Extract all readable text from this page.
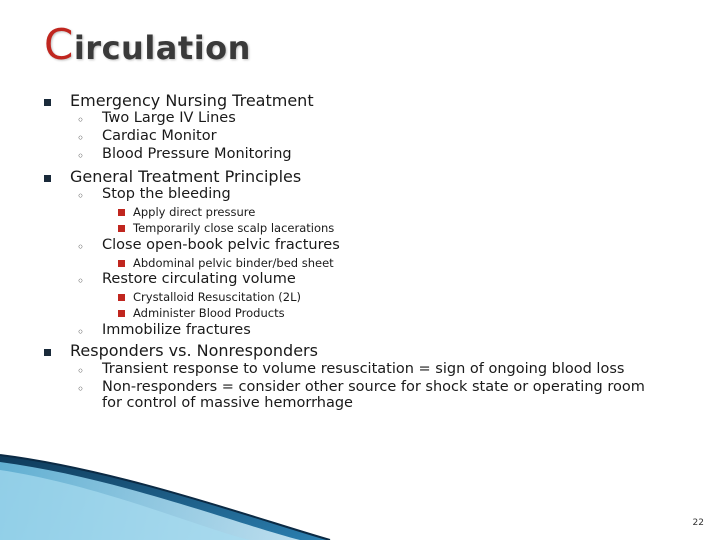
Circulation
Emergency Nursing Treatment
◦ Two Large IV Lines
◦ Cardiac Monitor
◦ Blood Pressure Monitoring
General Treatment Principles
◦ Stop the bleeding
Apply direct pressure
Temporarily close scalp lacerations
◦ Close open-book pelvic fractures
Abdominal pelvic binder/bed sheet
◦ Restore circulating volume
Crystalloid Resuscitation (2L)
Administer Blood Products
◦ Immobilize fractures
Responders vs. Nonresponders
◦ Transient response to volume resuscitation = sign of ongoing blood loss
◦ Non-responders = consider other source for shock state or operating room for control of massive hemorrhage
22
